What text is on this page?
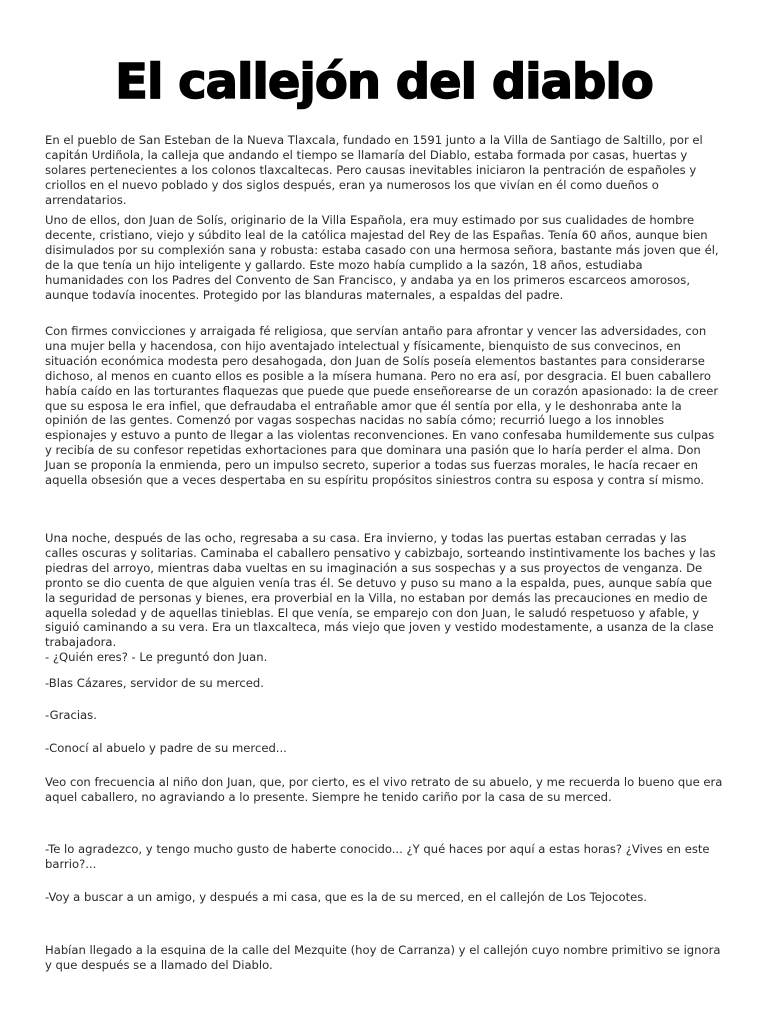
El callejón del diablo

En el pueblo de San Esteban de la Nueva Tlaxcala, fundado en 1591 junto a la Villa de Santiago de Saltillo, por el capitán Urdiñola, la calleja que andando el tiempo se llamaría del Diablo, estaba formada por casas, huertas y solares pertenecientes a los colonos tlaxcaltecas. Pero causas inevitables iniciaron la pentración de españoles y criollos en el nuevo poblado y dos siglos después, eran ya numerosos los que vivían en él como dueños o arrendatarios.

Uno de ellos, don Juan de Solís, originario de la Villa Española, era muy estimado por sus cualidades de hombre decente, cristiano, viejo y súbdito leal de la católica majestad del Rey de las Españas. Tenía 60 años, aunque bien disimulados por su complexión sana y robusta: estaba casado con una hermosa señora, bastante más joven que él, de la que tenía un hijo inteligente y gallardo. Este mozo había cumplido a la sazón, 18 años, estudiaba humanidades con los Padres del Convento de San Francisco, y andaba ya en los primeros escarceos amorosos, aunque todavía inocentes. Protegido por las blanduras maternales, a espaldas del padre.

Con firmes convicciones y arraigada fé religiosa, que servían antaño para afrontar y vencer las adversidades, con una mujer bella y hacendosa, con hijo aventajado intelectual y físicamente, bienquisto de sus convecinos, en situación económica modesta pero desahogada, don Juan de Solís poseía elementos bastantes para considerarse dichoso, al menos en cuanto ellos es posible a la mísera humana. Pero no era así, por desgracia. El buen caballero había caído en las torturantes flaquezas que puede que puede enseñorearse de un corazón apasionado: la de creer que su esposa le era infiel, que defraudaba el entrañable amor que él sentía por ella, y le deshonraba ante la opinión de las gentes. Comenzó por vagas sospechas nacidas no sabía cómo; recurrió luego a los innobles espionajes y estuvo a punto de llegar a las violentas reconvenciones. En vano confesaba humildemente sus culpas y recibía de su confesor repetidas exhortaciones para que dominara una pasión que lo haría perder el alma. Don Juan se proponía la enmienda, pero un impulso secreto, superior a todas sus fuerzas morales, le hacía recaer en aquella obsesión que a veces despertaba en su espíritu propósitos siniestros contra su esposa y contra sí mismo.

Una noche, después de las ocho, regresaba a su casa. Era invierno, y todas las puertas estaban cerradas y las calles oscuras y solitarias. Caminaba el caballero pensativo y cabizbajo, sorteando instintivamente los baches y las piedras del arroyo, mientras daba vueltas en su imaginación a sus sospechas y a sus proyectos de venganza. De pronto se dio cuenta de que alguien venía tras él. Se detuvo y puso su mano a la espalda, pues, aunque sabía que la seguridad de personas y bienes, era proverbial en la Villa, no estaban por demás las precauciones en medio de aquella soledad y de aquellas tinieblas. El que venía, se emparejo con don Juan, le saludó respetuoso y afable, y siguió caminando a su vera. Era un tlaxcalteca, más viejo que joven y vestido modestamente, a usanza de la clase trabajadora.

- ¿Quién eres? - Le preguntó don Juan.

-Blas Cázares, servidor de su merced.

-Gracias.

-Conocí al abuelo y padre de su merced...

Veo con frecuencia al niño don Juan, que, por cierto, es el vivo retrato de su abuelo, y me recuerda lo bueno que era aquel caballero, no agraviando a lo presente. Siempre he tenido cariño por la casa de su merced.

-Te lo agradezco, y tengo mucho gusto de haberte conocido... ¿Y qué haces por aquí a estas horas? ¿Vives en este barrio?...

-Voy a buscar a un amigo, y después a mi casa, que es la de su merced, en el callejón de Los Tejocotes.

Habían llegado a la esquina de la calle del Mezquite (hoy de Carranza) y el callejón cuyo nombre primitivo se ignora y que después se a llamado del Diablo.
